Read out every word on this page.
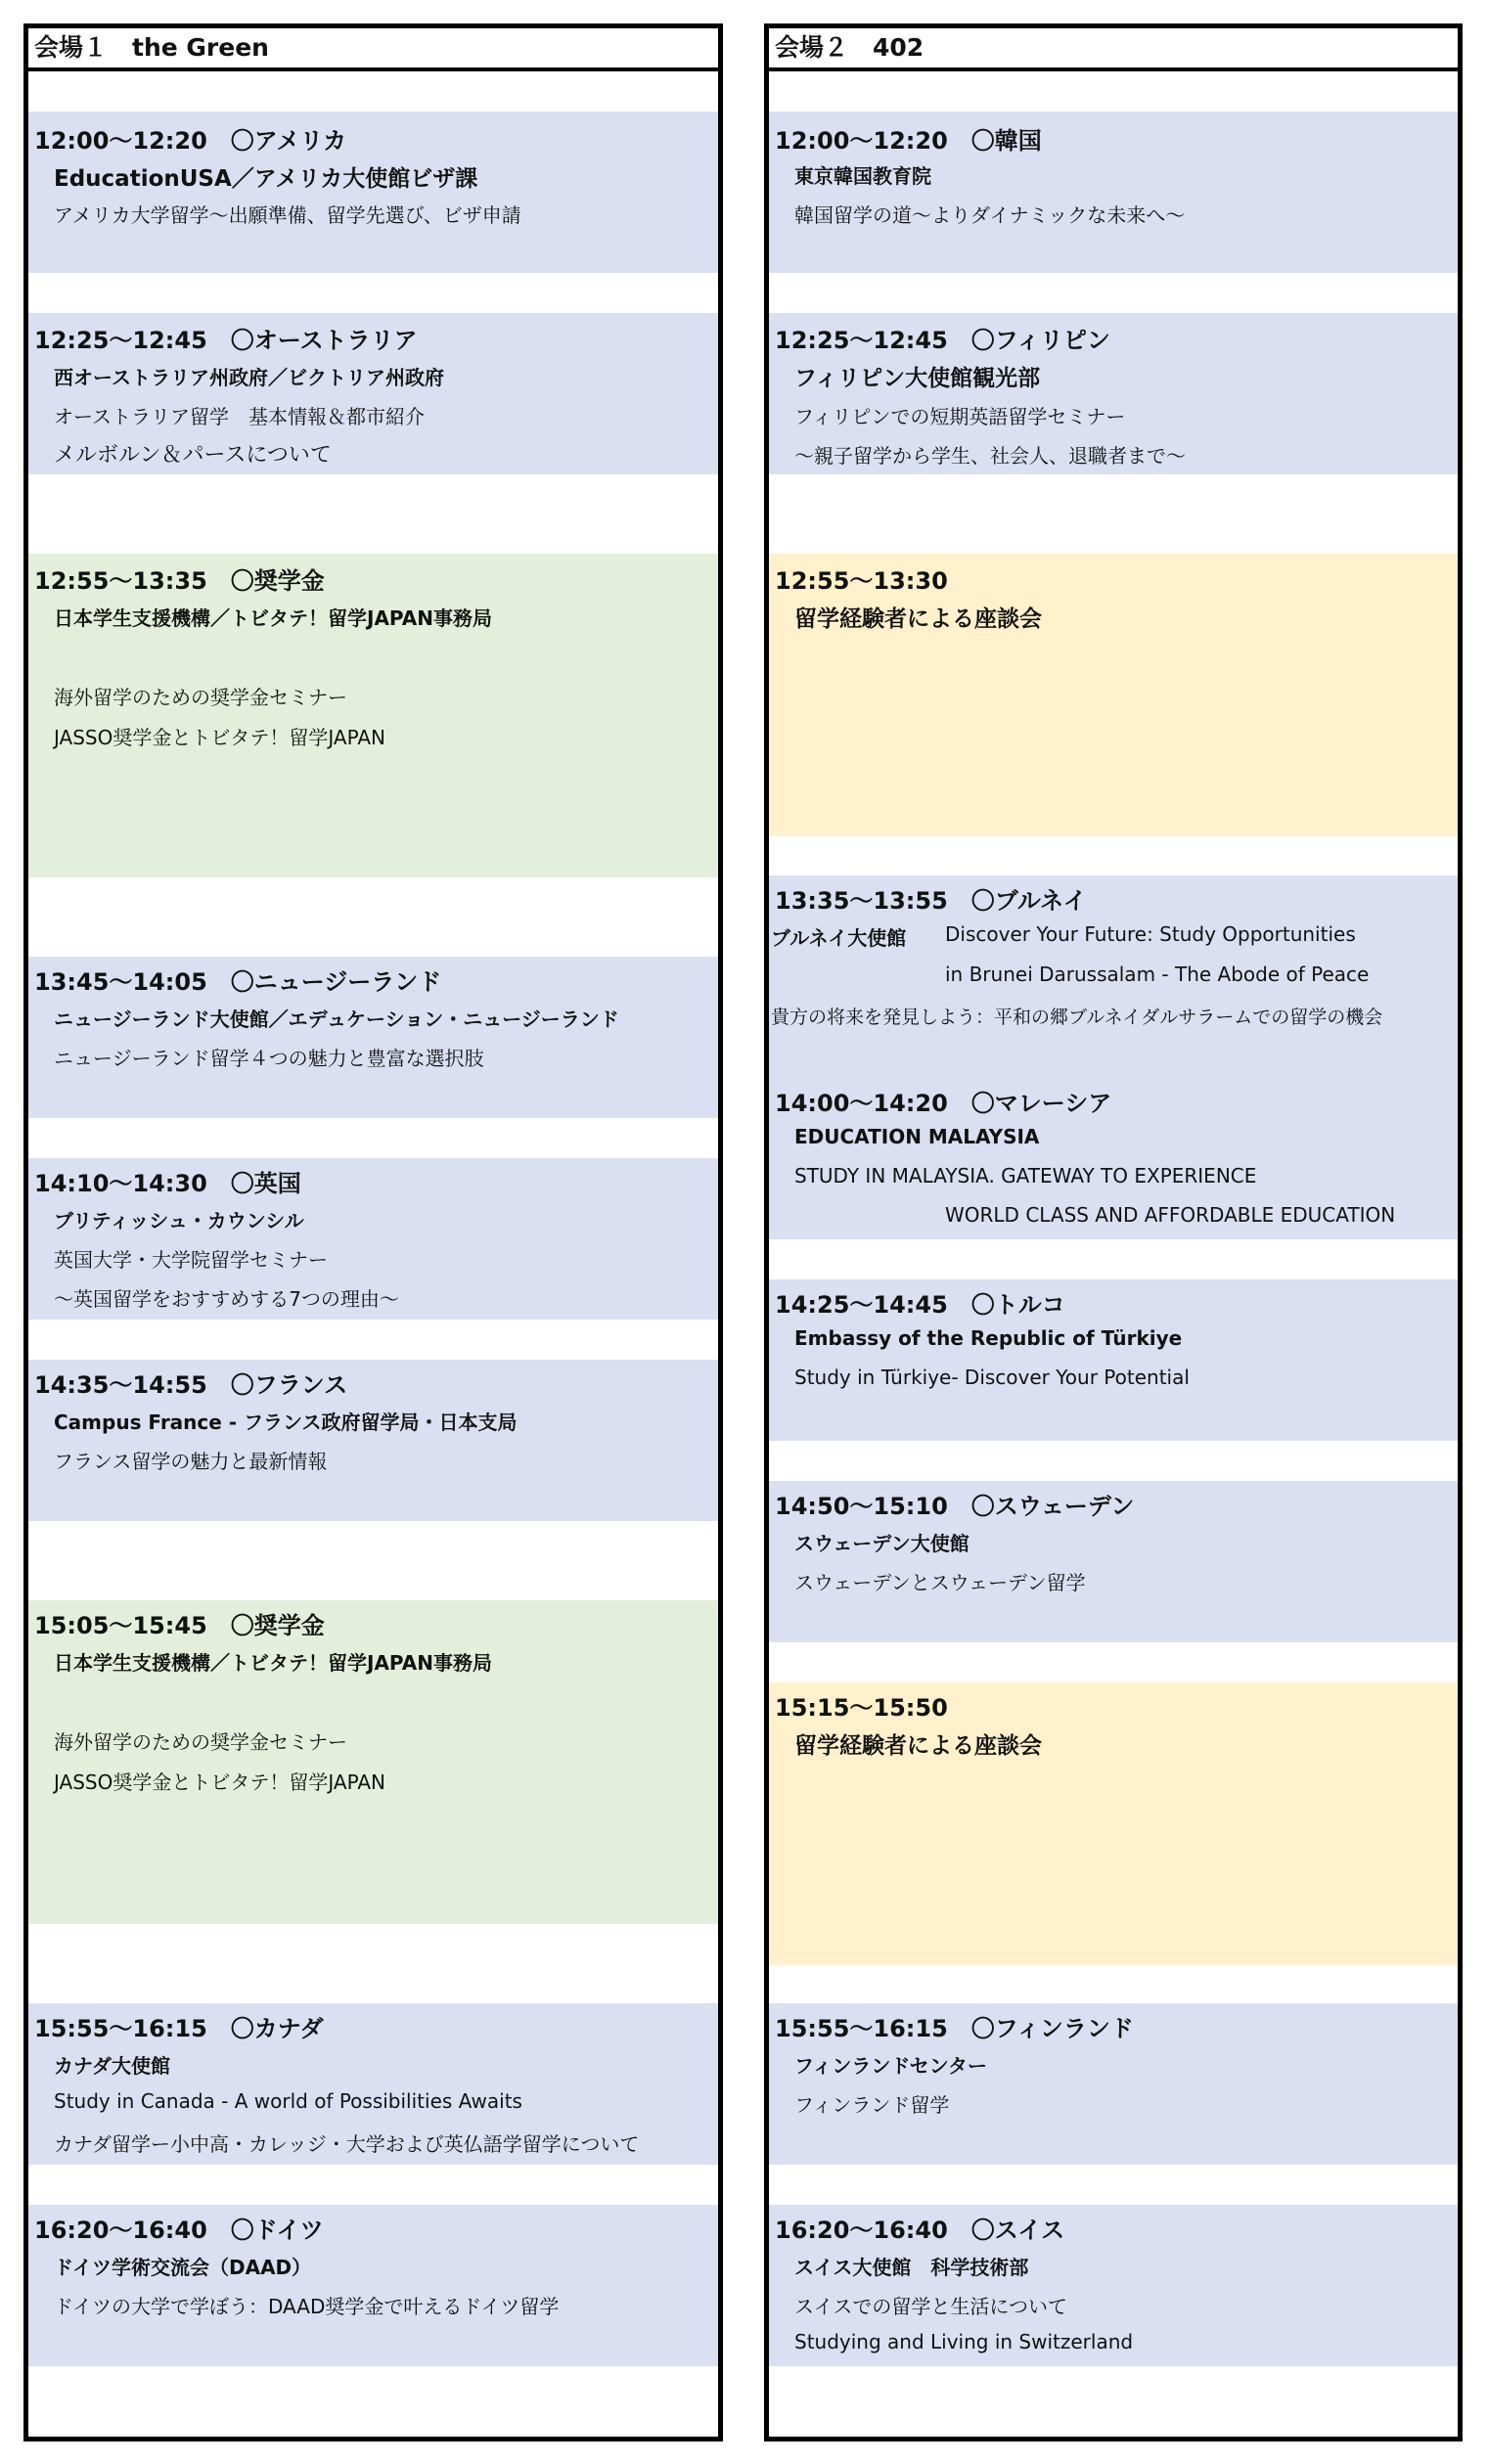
会場１　the Green
12:00～12:20　〇アメリカ
EducationUSA／アメリカ大使館ビザ課
アメリカ大学留学～出願準備、留学先選び、ビザ申請
12:25～12:45　〇オーストラリア
西オーストラリア州政府／ビクトリア州政府
オーストラリア留学　基本情報＆都市紹介
メルボルン＆パースについて
12:55～13:35　〇奨学金
日本学生支援機構／トビタテ！留学JAPAN事務局
海外留学のための奨学金セミナー
JASSO奨学金とトビタテ！留学JAPAN
13:45～14:05　〇ニュージーランド
ニュージーランド大使館／エデュケーション・ニュージーランド
ニュージーランド留学４つの魅力と豊富な選択肢
14:10～14:30　〇英国
ブリティッシュ・カウンシル
英国大学・大学院留学セミナー
～英国留学をおすすめする7つの理由～
14:35～14:55　〇フランス
Campus France - フランス政府留学局・日本支局
フランス留学の魅力と最新情報
15:05～15:45　〇奨学金
日本学生支援機構／トビタテ！留学JAPAN事務局
海外留学のための奨学金セミナー
JASSO奨学金とトビタテ！留学JAPAN
15:55～16:15　〇カナダ
カナダ大使館
Study in Canada - A world of Possibilities Awaits
カナダ留学ー小中高・カレッジ・大学および英仏語学留学について
16:20～16:40　〇ドイツ
ドイツ学術交流会（DAAD）
ドイツの大学で学ぼう：DAAD奨学金で叶えるドイツ留学
会場２　402
12:00～12:20　〇韓国
東京韓国教育院
韓国留学の道～よりダイナミックな未来へ～
12:25～12:45　〇フィリピン
フィリピン大使館観光部
フィリピンでの短期英語留学セミナー
～親子留学から学生、社会人、退職者まで～
12:55～13:30
留学経験者による座談会
13:35～13:55　〇ブルネイ
ブルネイ大使館 Discover Your Future: Study Opportunities
in Brunei Darussalam - The Abode of Peace
貴方の将来を発見しよう：平和の郷ブルネイダルサラームでの留学の機会
14:00～14:20　〇マレーシア
EDUCATION MALAYSIA
STUDY IN MALAYSIA. GATEWAY TO EXPERIENCE
WORLD CLASS AND AFFORDABLE EDUCATION
14:25～14:45　〇トルコ
Embassy of the Republic of Türkiye
Study in Türkiye- Discover Your Potential
14:50～15:10　〇スウェーデン
スウェーデン大使館
スウェーデンとスウェーデン留学
15:15～15:50
留学経験者による座談会
15:55～16:15　〇フィンランド
フィンランドセンター
フィンランド留学
16:20～16:40　〇スイス
スイス大使館　科学技術部
スイスでの留学と生活について
Studying and Living in Switzerland
